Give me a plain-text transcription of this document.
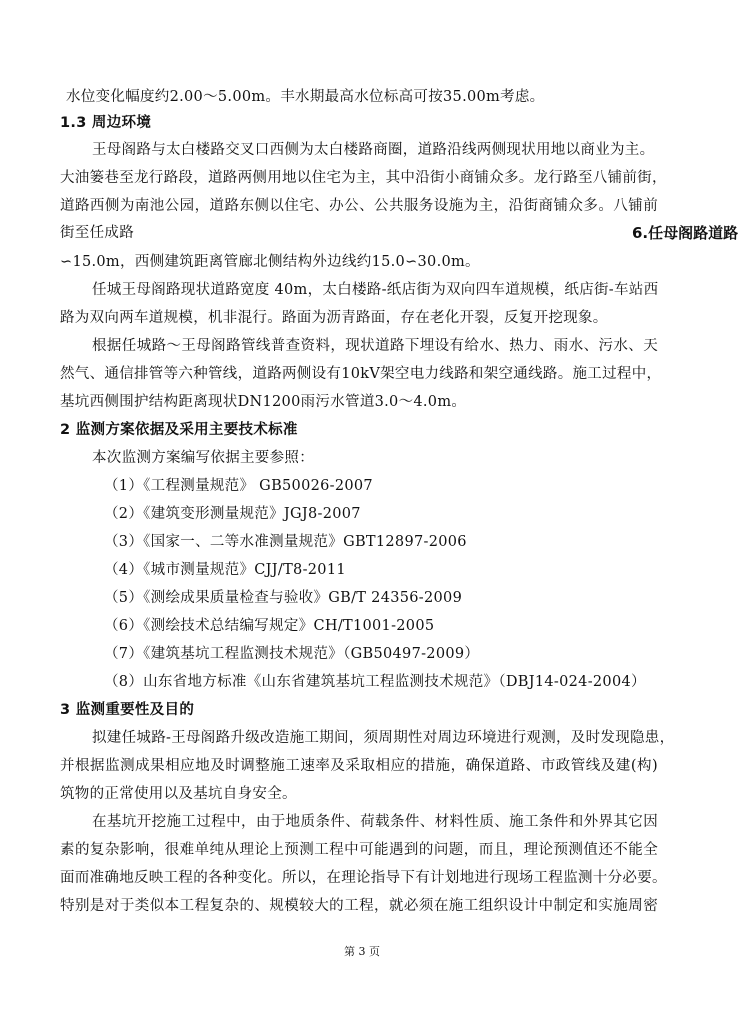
水位变化幅度约2.00～5.00m。丰水期最高水位标高可按35.00m考虑。
1.3 周边环境
王母阁路与太白楼路交叉口西侧为太白楼路商圈，道路沿线两侧现状用地以商业为主。
大油篓巷至龙行路段，道路两侧用地以住宅为主，其中沿街小商铺众多。龙行路至八铺前街，
道路西侧为南池公园，道路东侧以住宅、办公、公共服务设施为主，沿街商铺众多。八铺前
街至任成路	6.任母阁路道路
∽15.0m，西侧建筑距离管廊北侧结构外边线约15.0∽30.0m。
任城王母阁路现状道路宽度 40m，太白楼路-纸店街为双向四车道规模，纸店街-车站西
路为双向两车道规模，机非混行。路面为沥青路面，存在老化开裂，反复开挖现象。
根据任城路～王母阁路管线普查资料，现状道路下埋设有给水、热力、雨水、污水、天
然气、通信排管等六种管线，道路两侧设有10kV架空电力线路和架空通线路。施工过程中，
基坑西侧围护结构距离现状DN1200雨污水管道3.0～4.0m。
2 监测方案依据及采用主要技术标准
本次监测方案编写依据主要参照：
（1）《工程测量规范》 GB50026-2007
（2）《建筑变形测量规范》JGJ8-2007
（3）《国家一、二等水准测量规范》GBT12897-2006
（4）《城市测量规范》CJJ/T8-2011
（5）《测绘成果质量检查与验收》GB/T 24356-2009
（6）《测绘技术总结编写规定》CH/T1001-2005
（7）《建筑基坑工程监测技术规范》（GB50497-2009）
（8）山东省地方标准《山东省建筑基坑工程监测技术规范》（DBJ14-024-2004）
3 监测重要性及目的
拟建任城路-王母阁路升级改造施工期间，须周期性对周边环境进行观测，及时发现隐患，
并根据监测成果相应地及时调整施工速率及采取相应的措施，确保道路、市政管线及建(构)
筑物的正常使用以及基坑自身安全。
在基坑开挖施工过程中，由于地质条件、荷载条件、材料性质、施工条件和外界其它因
素的复杂影响，很难单纯从理论上预测工程中可能遇到的问题，而且，理论预测值还不能全
面而准确地反映工程的各种变化。所以，在理论指导下有计划地进行现场工程监测十分必要。
特别是对于类似本工程复杂的、规模较大的工程，就必须在施工组织设计中制定和实施周密
第 3 页
